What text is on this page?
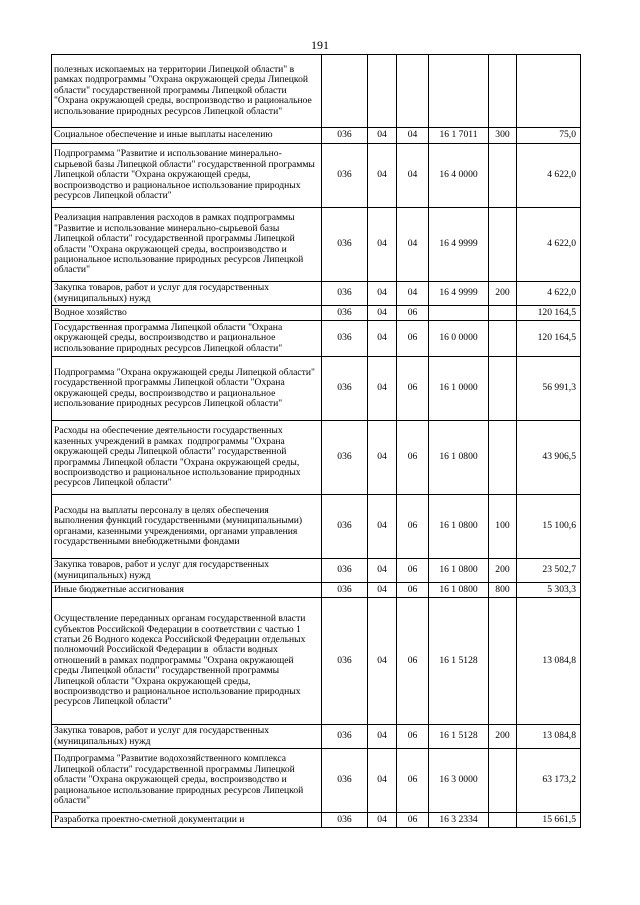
191
полезных ископаемых на территории Липецкой области" в рамках подпрограммы "Охрана окружающей среды Липецкой области" государственной программы Липецкой области "Охрана окружающей среды, воспроизводство и рациональное использование природных ресурсов Липецкой области"						
Социальное обеспечение и иные выплаты населению	036	04	04	16 1 7011	300	75,0
Подпрограмма "Развитие и использование минерально-сырьевой базы Липецкой области" государственной программы Липецкой области "Охрана окружающей среды, воспроизводство и рациональное использование природных ресурсов Липецкой области"	036	04	04	16 4 0000		4 622,0
Реализация направления расходов в рамках подпрограммы "Развитие и использование минерально-сырьевой базы Липецкой области" государственной программы Липецкой области "Охрана окружающей среды, воспроизводство и рациональное использование природных ресурсов Липецкой области"	036	04	04	16 4 9999		4 622,0
Закупка товаров, работ и услуг для государственных (муниципальных) нужд	036	04	04	16 4 9999	200	4 622,0
Водное хозяйство	036	04	06			120 164,5
Государственная программа Липецкой области "Охрана окружающей среды, воспроизводство и рациональное использование природных ресурсов Липецкой области"	036	04	06	16 0 0000		120 164,5
Подпрограмма "Охрана окружающей среды Липецкой области" государственной программы Липецкой области "Охрана окружающей среды, воспроизводство и рациональное использование природных ресурсов Липецкой области"	036	04	06	16 1 0000		56 991,3
Расходы на обеспечение деятельности государственных казенных учреждений в рамках  подпрограммы "Охрана окружающей среды Липецкой области" государственной программы Липецкой области "Охрана окружающей среды, воспроизводство и рациональное использование природных ресурсов Липецкой области"	036	04	06	16 1 0800		43 906,5
Расходы на выплаты персоналу в целях обеспечения выполнения функций государственными (муниципальными) органами, казенными учреждениями, органами управления государственными внебюджетными фондами	036	04	06	16 1 0800	100	15 100,6
Закупка товаров, работ и услуг для государственных (муниципальных) нужд	036	04	06	16 1 0800	200	23 502,7
Иные бюджетные ассигнования	036	04	06	16 1 0800	800	5 303,3
Осуществление переданных органам государственной власти субъектов Российской Федерации в соответствии с частью 1 статьи 26 Водного кодекса Российской Федерации отдельных полномочий Российской Федерации в  области водных отношений в рамках подпрограммы "Охрана окружающей среды Липецкой области" государственной программы Липецкой области "Охрана окружающей среды, воспроизводство и рациональное использование природных ресурсов Липецкой области"	036	04	06	16 1 5128		13 084,8
Закупка товаров, работ и услуг для государственных (муниципальных) нужд	036	04	06	16 1 5128	200	13 084,8
Подпрограмма "Развитие водохозяйственного комплекса Липецкой области" государственной программы Липецкой области "Охрана окружающей среды, воспроизводство и рациональное использование природных ресурсов Липецкой области"	036	04	06	16 3 0000		63 173,2
Разработка проектно-сметной документации и	036	04	06	16 3 2334		15 661,5
